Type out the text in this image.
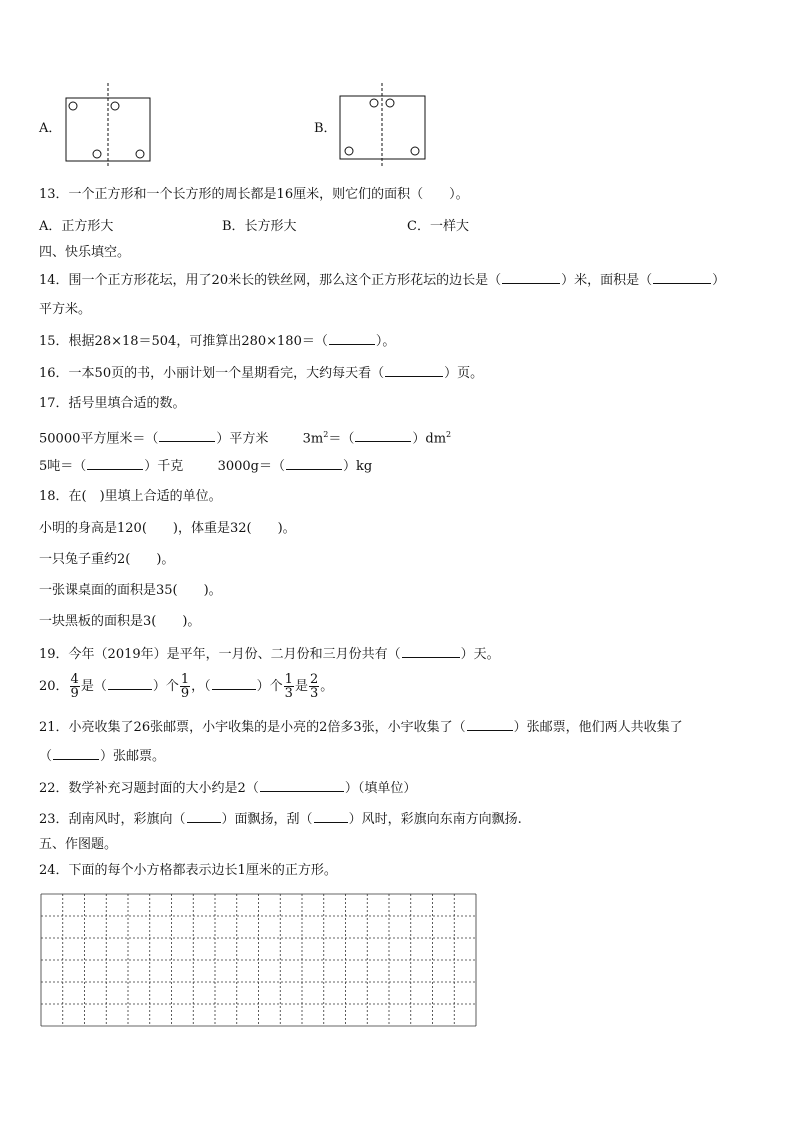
A．	B．
13．一个正方形和一个长方形的周长都是16厘米，则它们的面积（　　）。
A．正方形大	B．长方形大	C．一样大
四、快乐填空。
14．围一个正方形花坛，用了20米长的铁丝网，那么这个正方形花坛的边长是（	）米，面积是（	）
平方米。
15．根据28×18＝504，可推算出280×180＝（	）。
16．一本50页的书，小丽计划一个星期看完，大约每天看（	）页。
17．括号里填合适的数。
50000平方厘米＝（	）平方米	$3m^2=$（	）$dm^2$
5吨＝（	）千克	3000g＝（	）kg
18．在(　)里填上合适的单位。
小明的身高是120(　　)，体重是32(　　)。
一只兔子重约2(　　)。
一张课桌面的面积是35(　　)。
一块黑板的面积是3(　　)。
19．今年（2019年）是平年，一月份、二月份和三月份共有（	）天。
20． $\frac{4}{9}$ 是（	）个 $\frac{1}{9}$ ，（	）个 $\frac{1}{3}$ 是 $\frac{2}{3}$ 。
21．小亮收集了26张邮票，小宇收集的是小亮的2倍多3张，小宇收集了（	）张邮票，他们两人共收集了
（	）张邮票。
22．数学补充习题封面的大小约是2（	）（填单位）
23．刮南风时，彩旗向（	）面飘扬，刮（	）风时，彩旗向东南方向飘扬.
五、作图题。
24．下面的每个小方格都表示边长1厘米的正方形。
